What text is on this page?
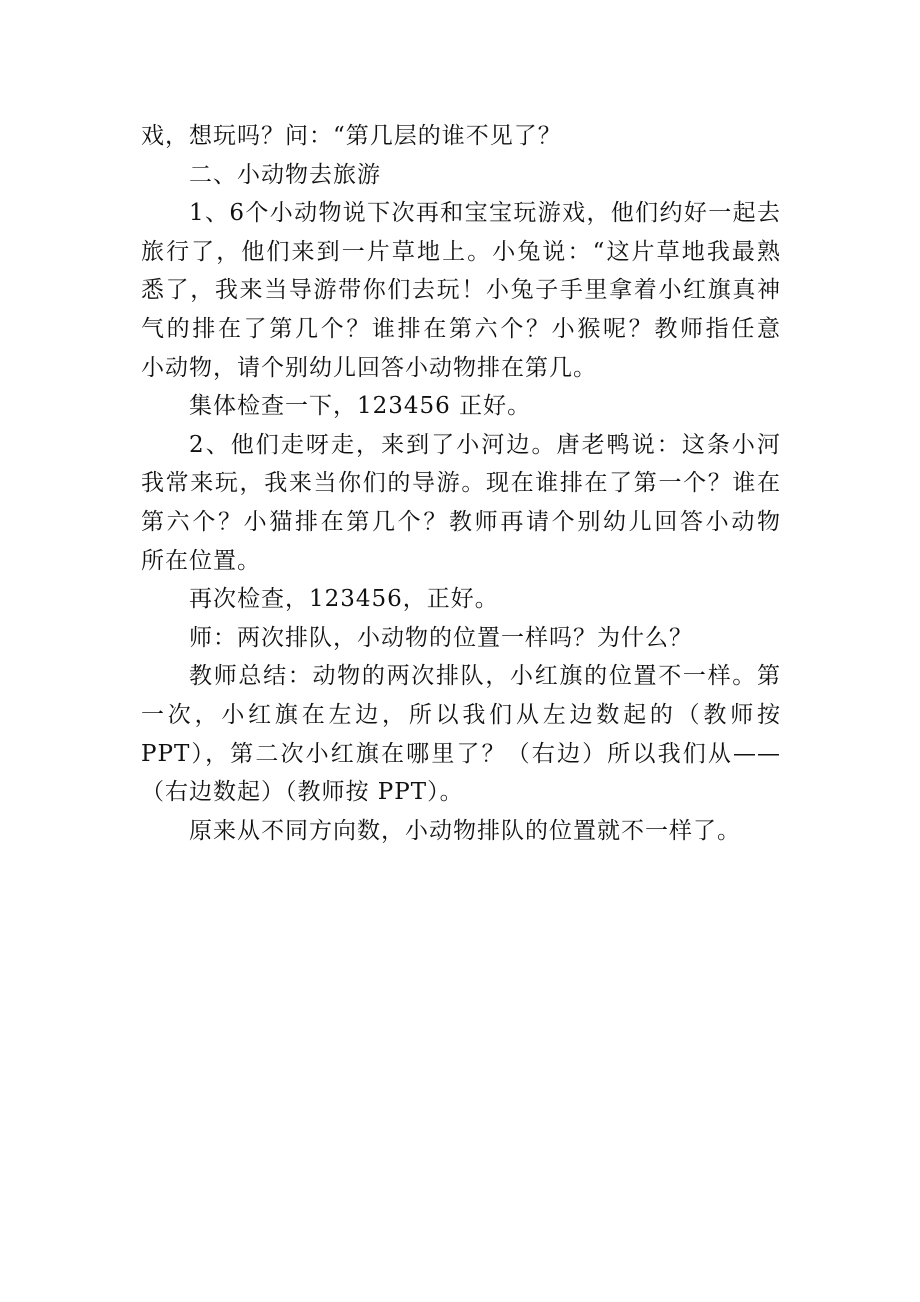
戏，想玩吗？问：“第几层的谁不见了？
二、小动物去旅游
1、6个小动物说下次再和宝宝玩游戏，他们约好一起去
旅行了，他们来到一片草地上。小兔说：“这片草地我最熟
悉了，我来当导游带你们去玩！小兔子手里拿着小红旗真神
气的排在了第几个？谁排在第六个？小猴呢？教师指任意
小动物，请个别幼儿回答小动物排在第几。
集体检查一下，123456 正好。
2、他们走呀走，来到了小河边。唐老鸭说：这条小河
我常来玩，我来当你们的导游。现在谁排在了第一个？谁在
第六个？小猫排在第几个？教师再请个别幼儿回答小动物
所在位置。
再次检查，123456，正好。
师：两次排队，小动物的位置一样吗？为什么？
教师总结：动物的两次排队，小红旗的位置不一样。第
一次，小红旗在左边，所以我们从左边数起的（教师按
PPT），第二次小红旗在哪里了？（右边）所以我们从——
（右边数起）（教师按 PPT）。
原来从不同方向数，小动物排队的位置就不一样了。
